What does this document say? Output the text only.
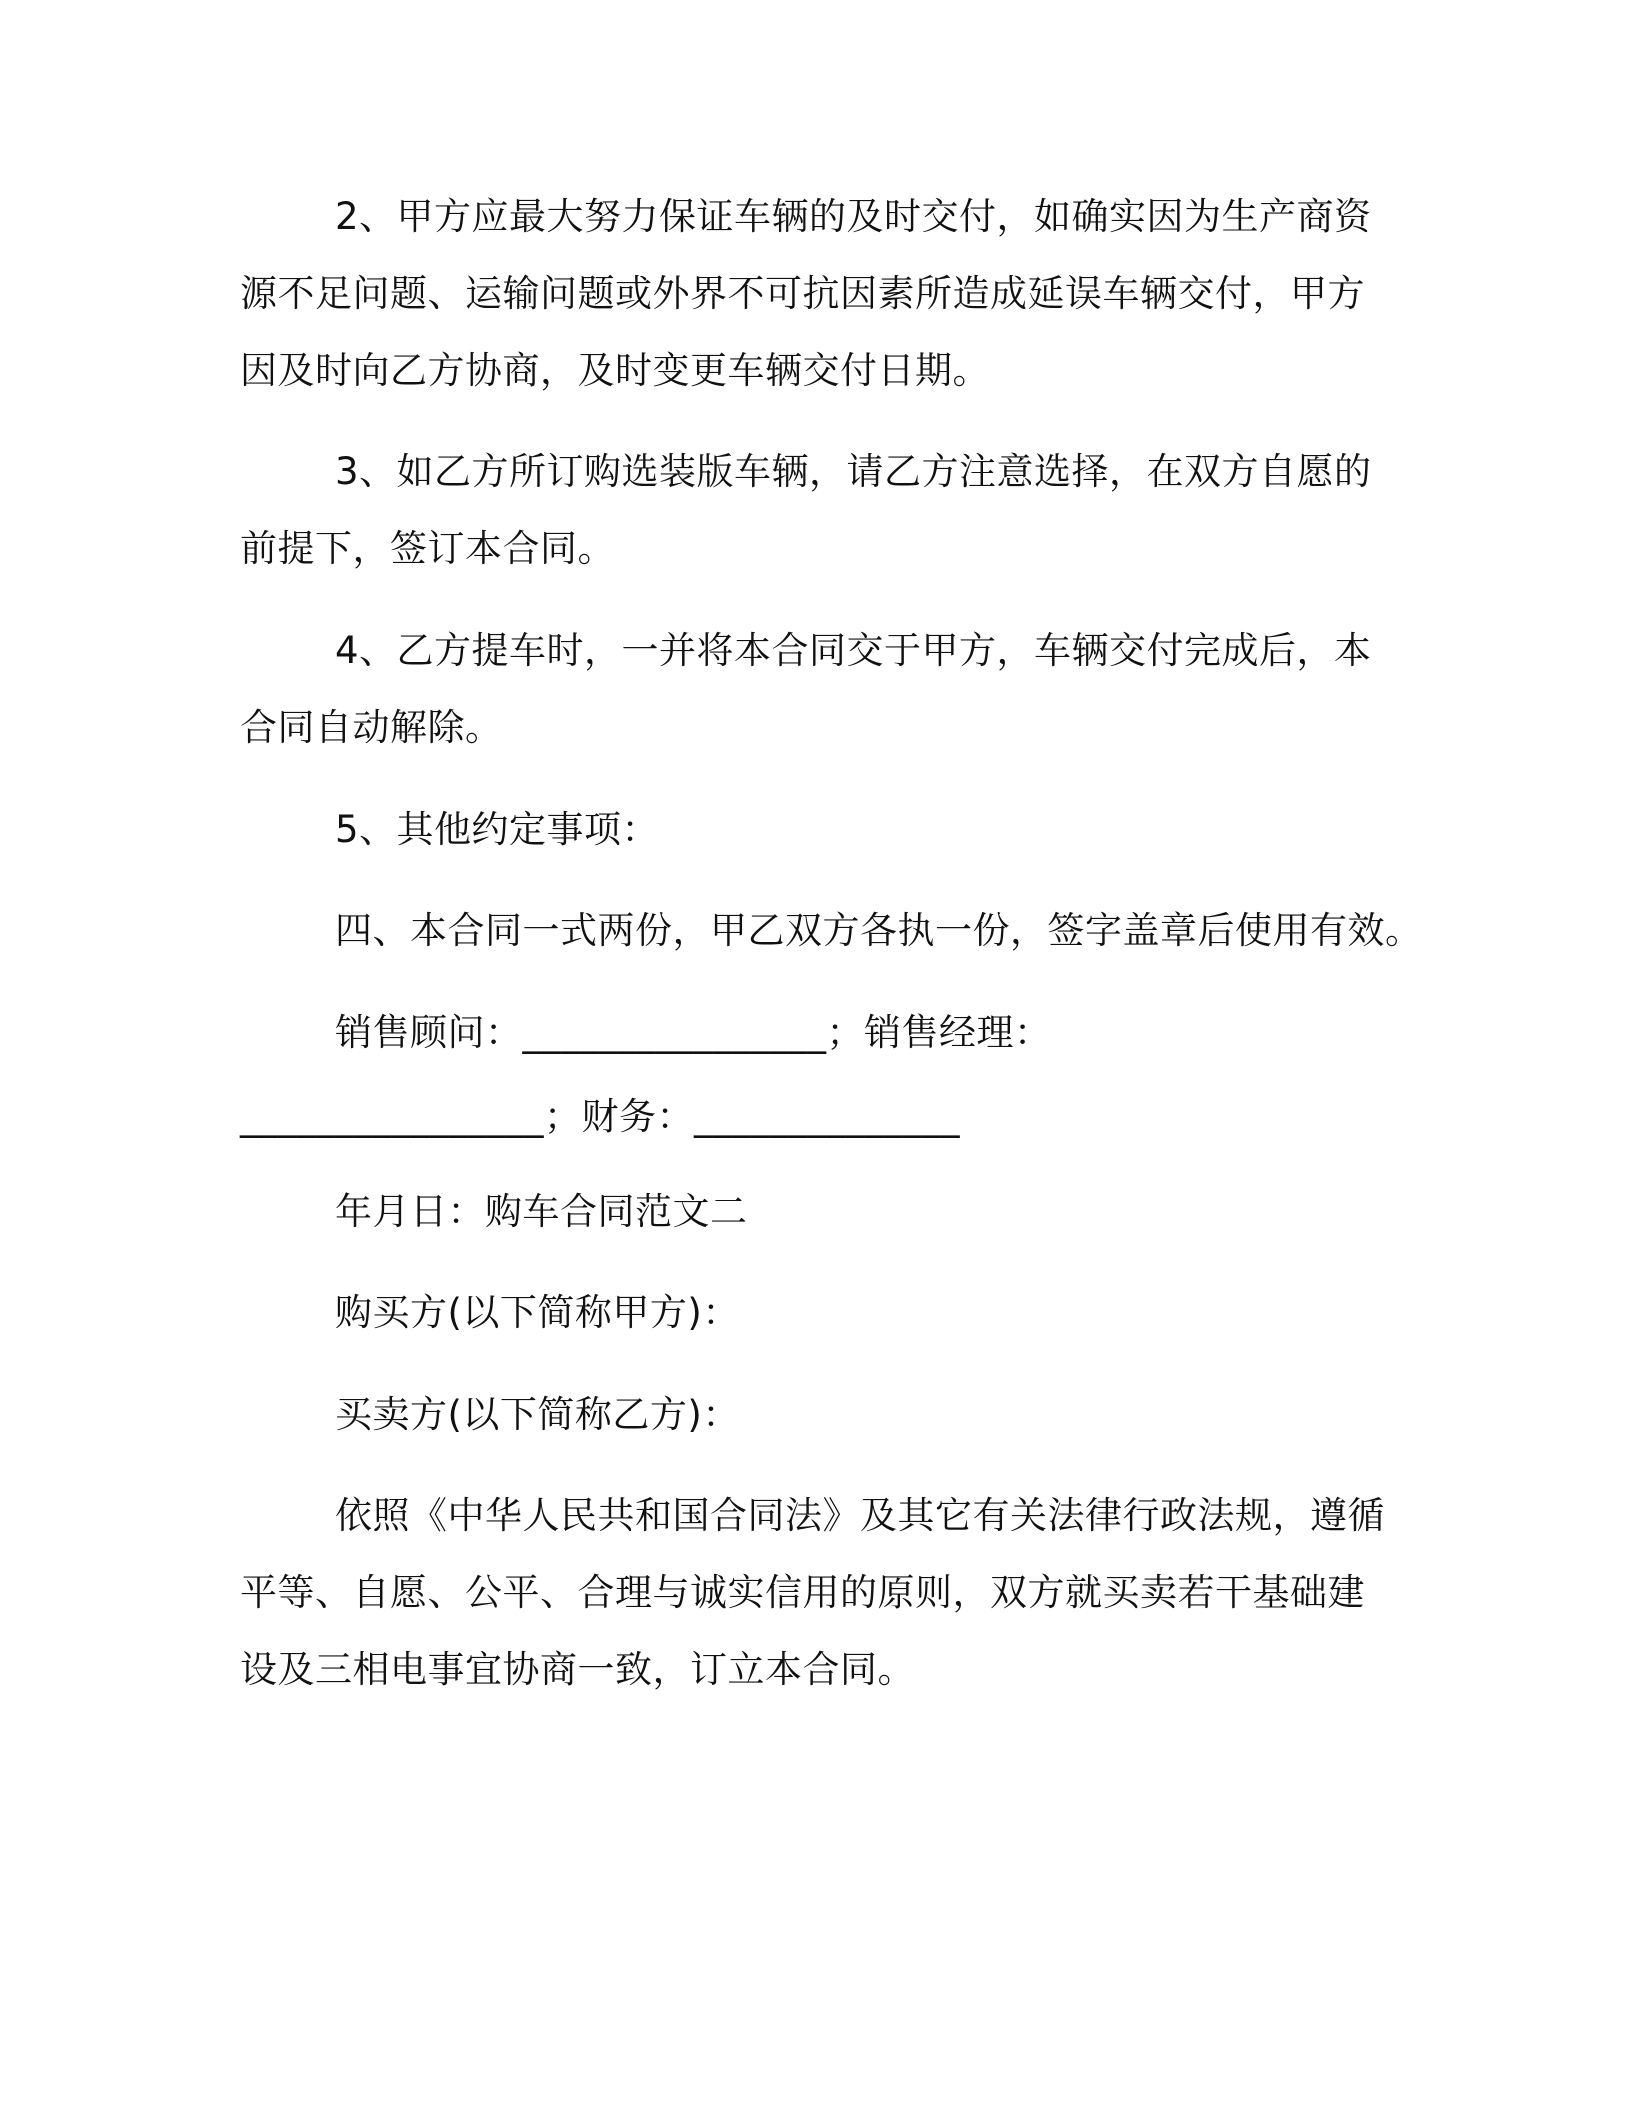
2、甲方应最大努力保证车辆的及时交付，如确实因为生产商资
源不足问题、运输问题或外界不可抗因素所造成延误车辆交付，甲方
因及时向乙方协商，及时变更车辆交付日期。
3、如乙方所订购选装版车辆，请乙方注意选择，在双方自愿的
前提下，签订本合同。
4、乙方提车时，一并将本合同交于甲方，车辆交付完成后，本
合同自动解除。
5、其他约定事项：
四、本合同一式两份，甲乙双方各执一份，签字盖章后使用有效。
销售顾问：________________；销售经理：
________________；财务：______________
年月日：购车合同范文二
购买方(以下简称甲方)：
买卖方(以下简称乙方)：
依照《中华人民共和国合同法》及其它有关法律行政法规，遵循
平等、自愿、公平、合理与诚实信用的原则，双方就买卖若干基础建
设及三相电事宜协商一致，订立本合同。
